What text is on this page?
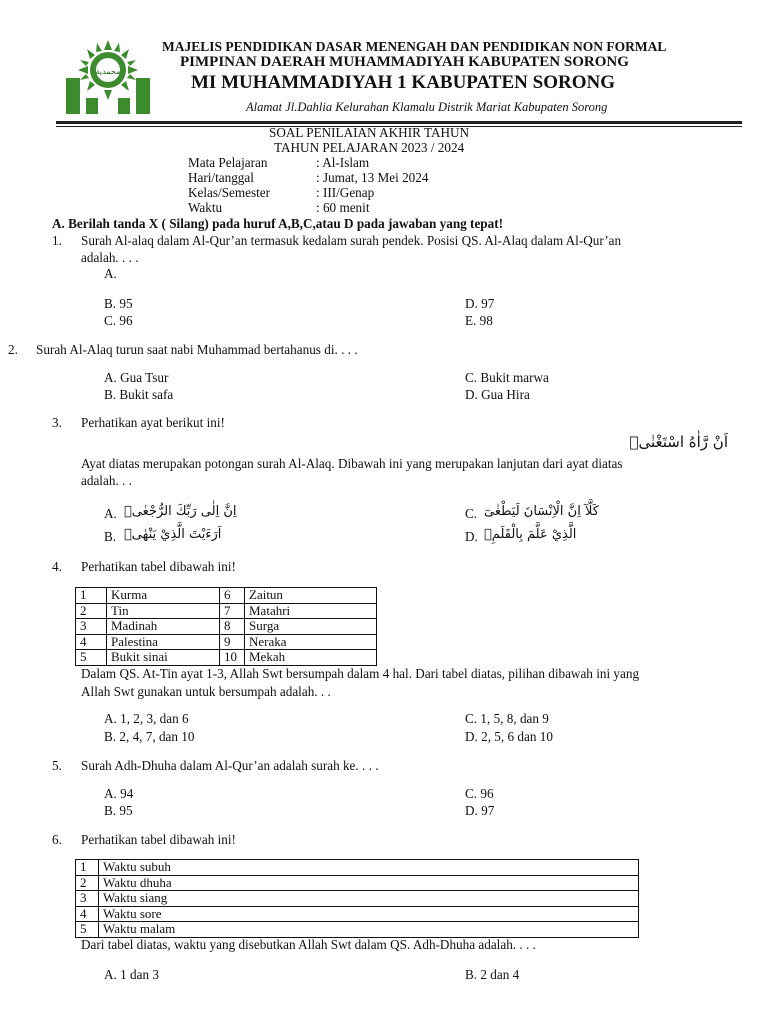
محمدية
MAJELIS PENDIDIKAN DASAR MENENGAH DAN PENDIDIKAN NON FORMAL
PIMPINAN DAERAH MUHAMMADIYAH KABUPATEN SORONG
MI MUHAMMADIYAH 1 KABUPATEN SORONG
Alamat Jl.Dahlia Kelurahan Klamalu Distrik Mariat Kabupaten Sorong
SOAL PENILAIAN AKHIR TAHUN
TAHUN PELAJARAN 2023 / 2024
Mata Pelajaran	: Al-Islam
Hari/tanggal	: Jumat, 13 Mei 2024
Kelas/Semester	: III/Genap
Waktu	: 60 menit
A. Berilah tanda X ( Silang) pada huruf A,B,C,atau D pada jawaban yang tepat!
1. Surah Al-alaq dalam Al-Qur’an termasuk kedalam surah pendek. Posisi QS. Al-Alaq dalam Al-Qur’an
adalah. . . .
A.
B. 95
C. 96
D. 97
E. 98
2. Surah Al-Alaq turun saat nabi Muhammad bertahanus di. . . .
A. Gua Tsur
B. Bukit safa
C. Bukit marwa
D. Gua Hira
3. Perhatikan ayat berikut ini!
اَنْ رَّاٰهُ اسْتَغْنٰىۗ
Ayat diatas merupakan potongan surah Al-Alaq. Dibawah ini yang merupakan lanjutan dari ayat diatas
adalah. . .
A. اِنَّ اِلٰى رَبِّكَ الرُّجْعٰىۗ
B. اَرَءَيْتَ الَّذِيْ يَنْهٰىۙ
C. كَلَّآ اِنَّ الْاِنْسَانَ لَيَطْغٰىٓ
D. الَّذِيْ عَلَّمَ بِالْقَلَمِۙ
4. Perhatikan tabel dibawah ini!
1	Kurma	6	Zaitun
2	Tin	7	Matahri
3	Madinah	8	Surga
4	Palestina	9	Neraka
5	Bukit sinai	10	Mekah
Dalam QS. At-Tin ayat 1-3, Allah Swt bersumpah dalam 4 hal. Dari tabel diatas, pilihan dibawah ini yang
Allah Swt gunakan untuk bersumpah adalah. . .
A. 1, 2, 3, dan 6
B. 2, 4, 7, dan 10
C. 1, 5, 8, dan 9
D. 2, 5, 6 dan 10
5. Surah Adh-Dhuha dalam Al-Qur’an adalah surah ke. . . .
A. 94
B. 95
C. 96
D. 97
6. Perhatikan tabel dibawah ini!
1	Waktu subuh
2	Waktu dhuha
3	Waktu siang
4	Waktu sore
5	Waktu malam
Dari tabel diatas, waktu yang disebutkan Allah Swt dalam QS. Adh-Dhuha adalah. . . .
A. 1 dan 3	B. 2 dan 4
